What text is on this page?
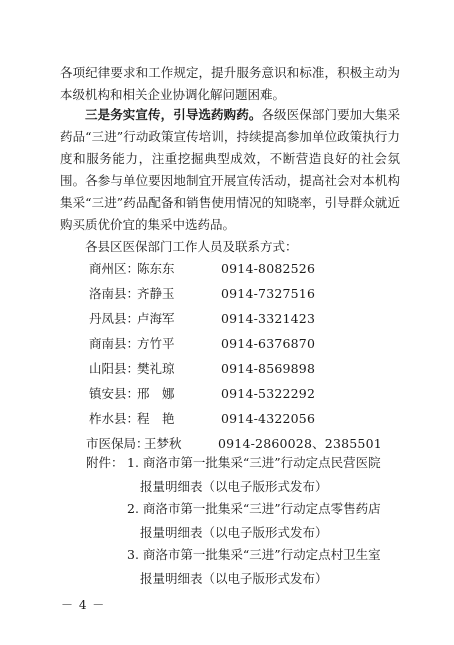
各项纪律要求和工作规定，提升服务意识和标准，积极主动为本级机构和相关企业协调化解问题困难。

三是务实宣传，引导选药购药。各级医保部门要加大集采药品“三进”行动政策宣传培训，持续提高参加单位政策执行力度和服务能力，注重挖掘典型成效，不断营造良好的社会氛围。各参与单位要因地制宜开展宣传活动，提高社会对本机构集采“三进”药品配备和销售使用情况的知晓率，引导群众就近购买质优价宜的集采中选药品。

各县区医保部门工作人员及联系方式：

商州区：陈东东	0914-8082526
洛南县：齐静玉	0914-7327516
丹凤县：卢海军	0914-3321423
商南县：方竹平	0914-6376870
山阳县：樊礼琼	0914-8569898
镇安县：邢　娜	0914-5322292
柞水县：程　艳	0914-4322056
市医保局：王梦秋	0914-2860028、2385501
附件： 1. 商洛市第一批集采“三进”行动定点民营医院
报量明细表（以电子版形式发布）
2. 商洛市第一批集采“三进”行动定点零售药店
报量明细表（以电子版形式发布）
3. 商洛市第一批集采“三进”行动定点村卫生室
报量明细表（以电子版形式发布）
－ 4 －
